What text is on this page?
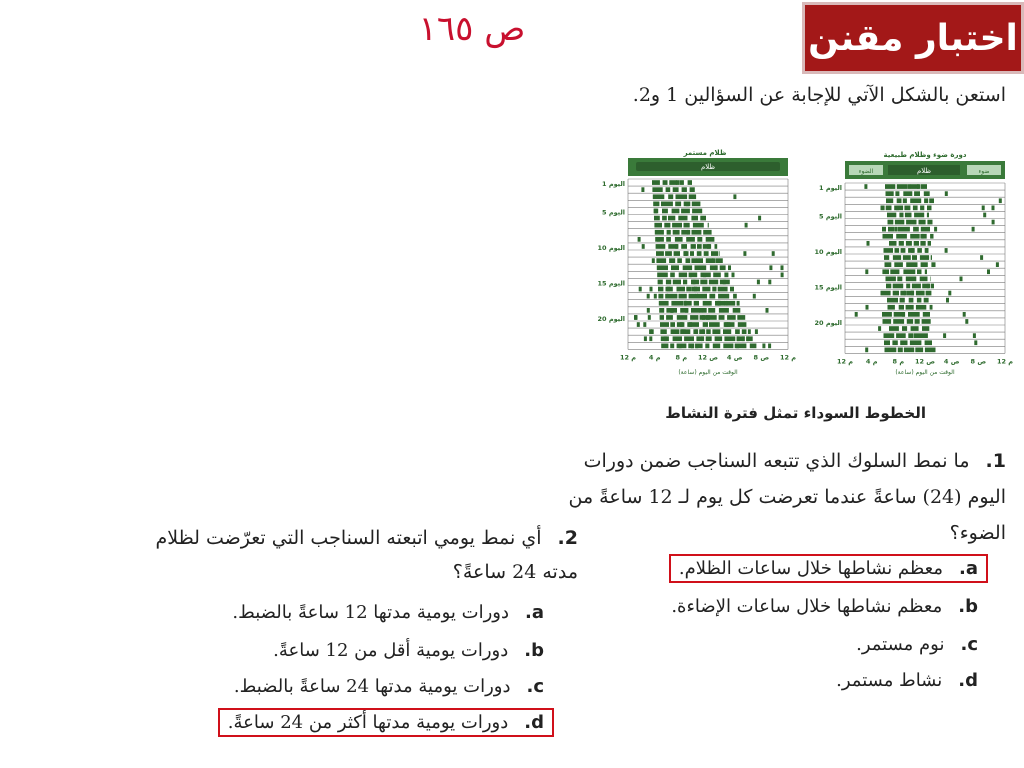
ص ١٦٥	اختبار مقنن
استعن بالشكل الآتي للإجابة عن السؤالين 1 و2.
ظلام مستمر
ظلام
اليوم 1
اليوم 5
اليوم 10
اليوم 15
اليوم 20
12 م 4 م 8 م 12 ص 4 ص 8 ص 12 م
(الوقت من اليوم (ساعة
دورة ضوء وظلام طبيعية
الضوء	ظلام	ضوء
اليوم 1
اليوم 5
اليوم 10
اليوم 15
اليوم 20
12 م 4 م 8 م 12 ص 4 ص 8 ص 12 م
(الوقت من اليوم (ساعة
الخطوط السوداء تمثل فترة النشاط
1. ما نمط السلوك الذي تتبعه السناجب ضمن دورات اليوم (24) ساعةً عندما تعرضت كل يوم لـ 12 ساعةً من الضوء؟
a.معظم نشاطها خلال ساعات الظلام.
b.معظم نشاطها خلال ساعات الإضاءة.
c.نوم مستمر.
d.نشاط مستمر.
2. أي نمط يومي اتبعته السناجب التي تعرّضت لظلام مدته 24 ساعةً؟
a.دورات يومية مدتها 12 ساعةً بالضبط.
b.دورات يومية أقل من 12 ساعةً.
c.دورات يومية مدتها 24 ساعةً بالضبط.
d.دورات يومية مدتها أكثر من 24 ساعةً.
